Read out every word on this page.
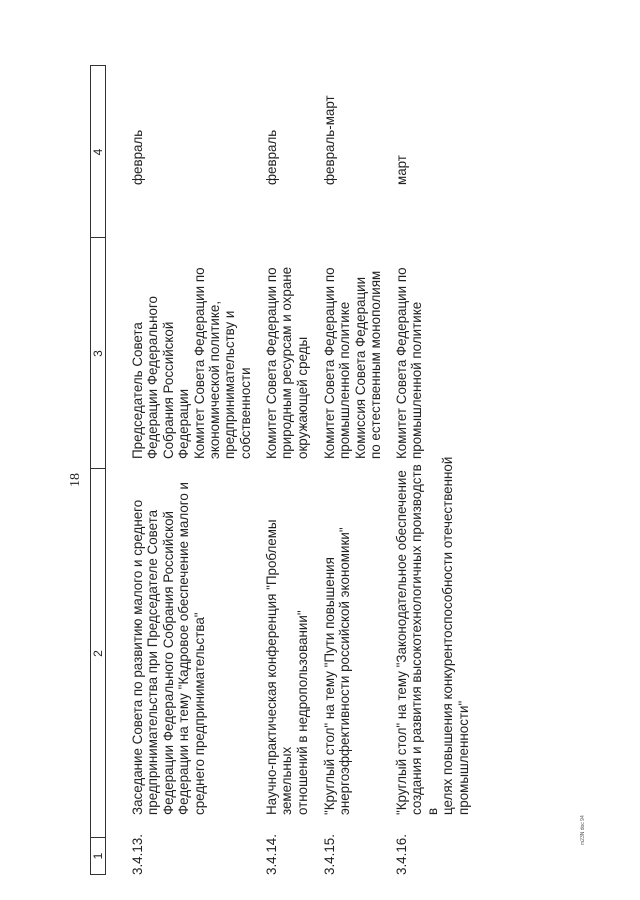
18
1
2
3
4
3.4.13.
Заседание Совета по развитию малого и среднего
предпринимательства при Председателе Совета
Федерации Федерального Собрания Российской
Федерации на тему "Кадровое обеспечение малого и
среднего предпринимательства"
Председатель Совета
Федерации Федерального
Собрания Российской
Федерации
Комитет Совета Федерации по
экономической политике,
предпринимательству и
собственности
февраль
3.4.14.
Научно-практическая конференция "Проблемы земельных
отношений в недропользовании"
Комитет Совета Федерации по
природным ресурсам и охране
окружающей среды
февраль
3.4.15.
"Круглый стол" на тему "Пути повышения
энергоэффективности российской экономики"
Комитет Совета Федерации по
промышленной политике
Комиссия Совета Федерации
по естественным монополиям
февраль-март
3.4.16.
"Круглый стол" на тему "Законодательное обеспечение
создания и развития высокотехнологичных производств в
целях повышения конкурентоспособности отечественной
промышленности"
Комитет Совета Федерации по
промышленной политике
март
m23N doc 94
